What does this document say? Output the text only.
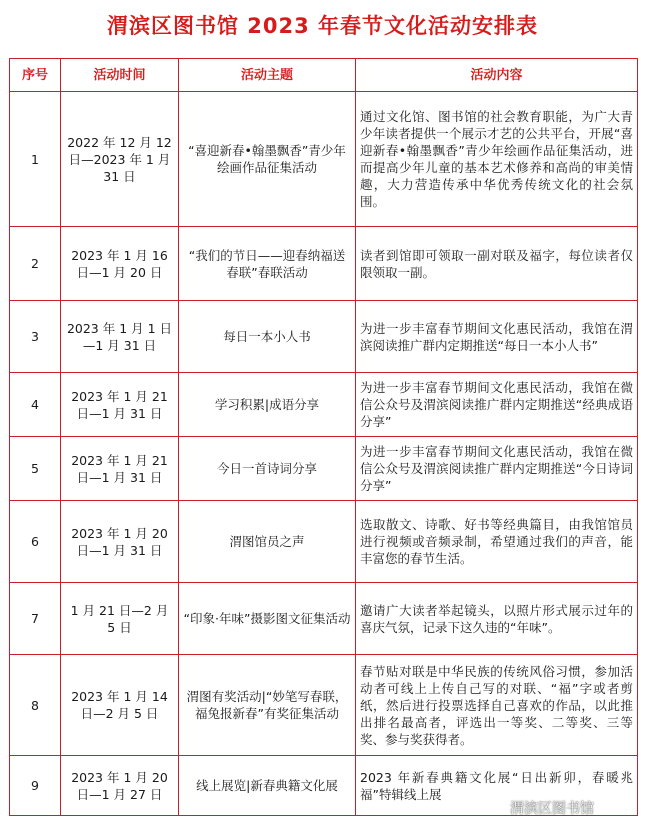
渭滨区图书馆 2023 年春节文化活动安排表
序号	活动时间	活动主题	活动内容
1	2022 年 12 月 12 日—2023 年 1 月 31 日	“喜迎新春•翰墨飘香”青少年绘画作品征集活动	通过文化馆、图书馆的社会教育职能，为广大青少年读者提供一个展示才艺的公共平台，开展“喜迎新春•翰墨飘香”青少年绘画作品征集活动，进而提高少年儿童的基本艺术修养和高尚的审美情趣，大力营造传承中华优秀传统文化的社会氛围。
2	2023 年 1 月 16 日—1 月 20 日	“我们的节日——迎春纳福送春联”春联活动	读者到馆即可领取一副对联及福字，每位读者仅限领取一副。
3	2023 年 1 月 1 日—1 月 31 日	每日一本小人书	为进一步丰富春节期间文化惠民活动，我馆在渭滨阅读推广群内定期推送“每日一本小人书”
4	2023 年 1 月 21 日—1 月 31 日	学习积累|成语分享	为进一步丰富春节期间文化惠民活动，我馆在微信公众号及渭滨阅读推广群内定期推送“经典成语分享”
5	2023 年 1 月 21 日—1 月 31 日	今日一首诗词分享	为进一步丰富春节期间文化惠民活动，我馆在微信公众号及渭滨阅读推广群内定期推送“今日诗词分享”
6	2023 年 1 月 20 日—1 月 31 日	渭图馆员之声	选取散文、诗歌、好书等经典篇目，由我馆馆员进行视频或音频录制，希望通过我们的声音，能丰富您的春节生活。
7	1 月 21 日—2 月 5 日	“印象·年味”摄影图文征集活动	邀请广大读者举起镜头，以照片形式展示过年的喜庆气氛，记录下这久违的“年味”。
8	2023 年 1 月 14 日—2 月 5 日	渭图有奖活动|“妙笔写春联，福兔报新春”有奖征集活动	春节贴对联是中华民族的传统风俗习惯，参加活动者可线上上传自己写的对联、“福”字或者剪纸，然后进行投票选择自己喜欢的作品，以此推出排名最高者，评选出一等奖、二等奖、三等奖、参与奖获得者。
9	2023 年 1 月 20 日—1 月 27 日	线上展览|新春典籍文化展	2023 年新春典籍文化展“日出新卯，春暖兆福”特辑线上展
渭滨区图书馆
